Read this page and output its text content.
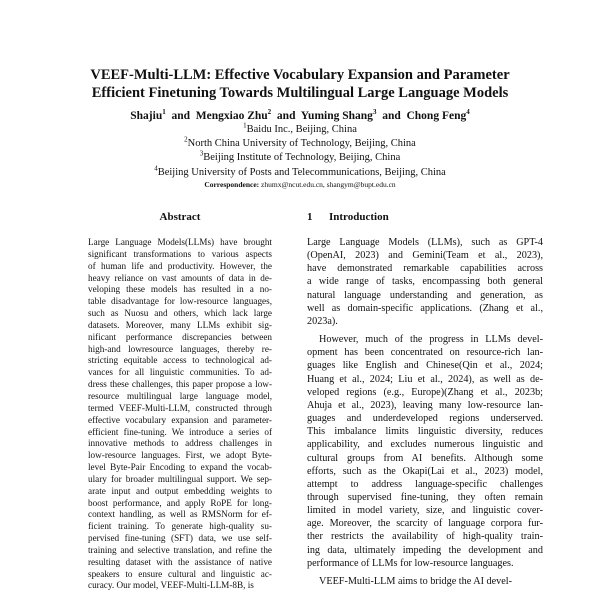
VEEF-Multi-LLM: Effective Vocabulary Expansion and Parameter
Efficient Finetuning Towards Multilingual Large Language Models
Shajiu$^1$ and Mengxiao Zhu$^2$ and Yuming Shang$^3$ and Chong Feng$^4$
$^1$Baidu Inc., Beijing, China
$^2$North China University of Technology, Beijing, China
$^3$Beijing Institute of Technology, Beijing, China
$^4$Beijing University of Posts and Telecommunications, Beijing, China
Correspondence: zhumx@ncut.edu.cn, shangym@bupt.edu.cn
Abstract
Large Language Models(LLMs) have brought
significant transformations to various aspects
of human life and productivity. However, the
heavy reliance on vast amounts of data in de-
veloping these models has resulted in a no-
table disadvantage for low-resource languages,
such as Nuosu and others, which lack large
datasets. Moreover, many LLMs exhibit sig-
nificant performance discrepancies between
high-and lowresource languages, thereby re-
stricting equitable access to technological ad-
vances for all linguistic communities. To ad-
dress these challenges, this paper propose a low-
resource multilingual large language model,
termed VEEF-Multi-LLM, constructed through
effective vocabulary expansion and parameter-
efficient fine-tuning. We introduce a series of
innovative methods to address challenges in
low-resource languages. First, we adopt Byte-
level Byte-Pair Encoding to expand the vocab-
ulary for broader multilingual support. We sep-
arate input and output embedding weights to
boost performance, and apply RoPE for long-
context handling, as well as RMSNorm for ef-
ficient training. To generate high-quality su-
pervised fine-tuning (SFT) data, we use self-
training and selective translation, and refine the
resulting dataset with the assistance of native
speakers to ensure cultural and linguistic ac-
curacy. Our model, VEEF-Multi-LLM-8B, is
1 Introduction

Large Language Models (LLMs), such as GPT-4
(OpenAI, 2023) and Gemini(Team et al., 2023),
have demonstrated remarkable capabilities across
a wide range of tasks, encompassing both general
natural language understanding and generation, as
well as domain-specific applications. (Zhang et al.,
2023a).

However, much of the progress in LLMs devel-
opment has been concentrated on resource-rich lan-
guages like English and Chinese(Qin et al., 2024;
Huang et al., 2024; Liu et al., 2024), as well as de-
veloped regions (e.g., Europe)(Zhang et al., 2023b;
Ahuja et al., 2023), leaving many low-resource lan-
guages and underdeveloped regions underserved.
This imbalance limits linguistic diversity, reduces
applicability, and excludes numerous linguistic and
cultural groups from AI benefits. Although some
efforts, such as the Okapi(Lai et al., 2023) model,
attempt to address language-specific challenges
through supervised fine-tuning, they often remain
limited in model variety, size, and linguistic cover-
age. Moreover, the scarcity of language corpora fur-
ther restricts the availability of high-quality train-
ing data, ultimately impeding the development and
performance of LLMs for low-resource languages.

VEEF-Multi-LLM aims to bridge the AI devel-
